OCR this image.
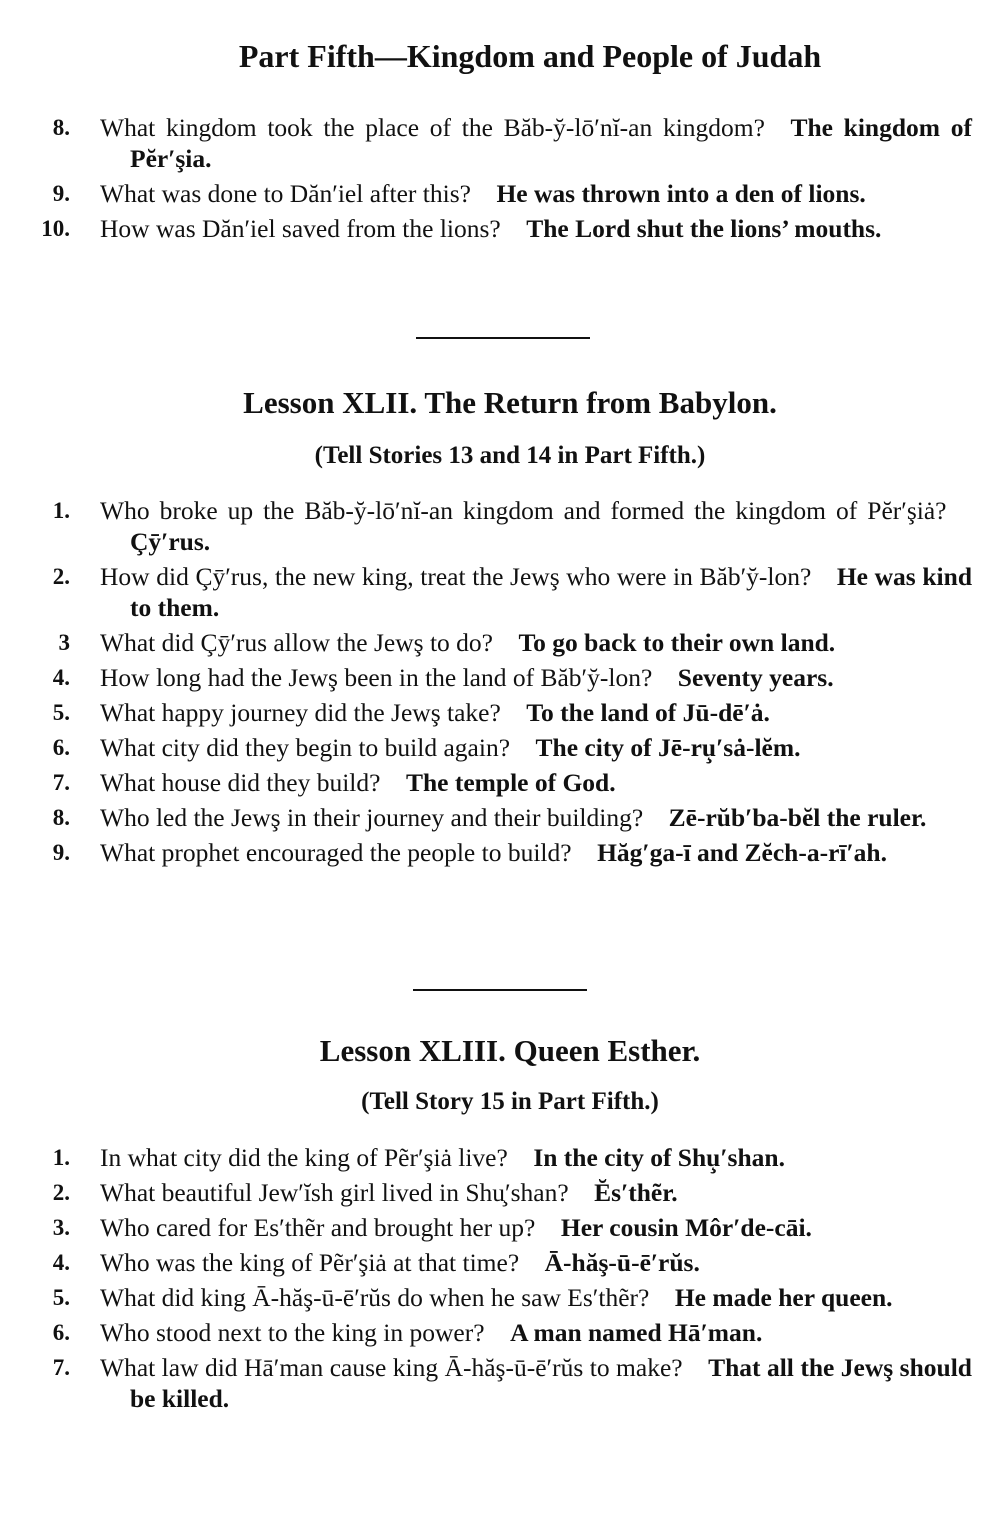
Part Fifth—Kingdom and People of Judah
8. What kingdom took the place of the Băb-y̆-lō′nĭ-an kingdom?  The kingdom of Pĕr′şia.
9. What was done to Dăn′iel after this?  He was thrown into a den of lions.
10. How was Dăn′iel saved from the lions?  The Lord shut the lions’ mouths.
Lesson XLII. The Return from Babylon.
(Tell Stories 13 and 14 in Part Fifth.)
1. Who broke up the Băb-y̆-lō′nĭ-an kingdom and formed the kingdom of Pĕr′şiȧ? Çȳ′rus.
2. How did Çȳ′rus, the new king, treat the Jewş who were in Băb′y̆-lon?  He was kind to them.
3 What did Çȳ′rus allow the Jewş to do?  To go back to their own land.
4. How long had the Jewş been in the land of Băb′y̆-lon?  Seventy years.
5. What happy journey did the Jewş take?  To the land of Jū-dē′ȧ.
6. What city did they begin to build again?  The city of Jē-ru̧′sȧ-lĕm.
7. What house did they build?  The temple of God.
8. Who led the Jewş in their journey and their building?  Zē-rŭb′ba-bĕl the ruler.
9. What prophet encouraged the people to build?  Hăg′ga-ī and Zĕch-a-rī′ah.
Lesson XLIII. Queen Esther.
(Tell Story 15 in Part Fifth.)
1. In what city did the king of Pẽr′şiȧ live?  In the city of Shu̧′shan.
2. What beautiful Jew′ĭsh girl lived in Shu̧′shan?  Ĕs′thẽr.
3. Who cared for Es′thẽr and brought her up?  Her cousin Môr′de-cāi.
4. Who was the king of Pẽr′şiȧ at that time?  Ā-hăş-ū-ē′rŭs.
5. What did king Ā-hăş-ū-ē′rŭs do when he saw Es′thẽr?  He made her queen.
6. Who stood next to the king in power?  A man named Hā′man.
7. What law did Hā′man cause king Ā-hăş-ū-ē′rŭs to make?  That all the Jewş should be killed.
